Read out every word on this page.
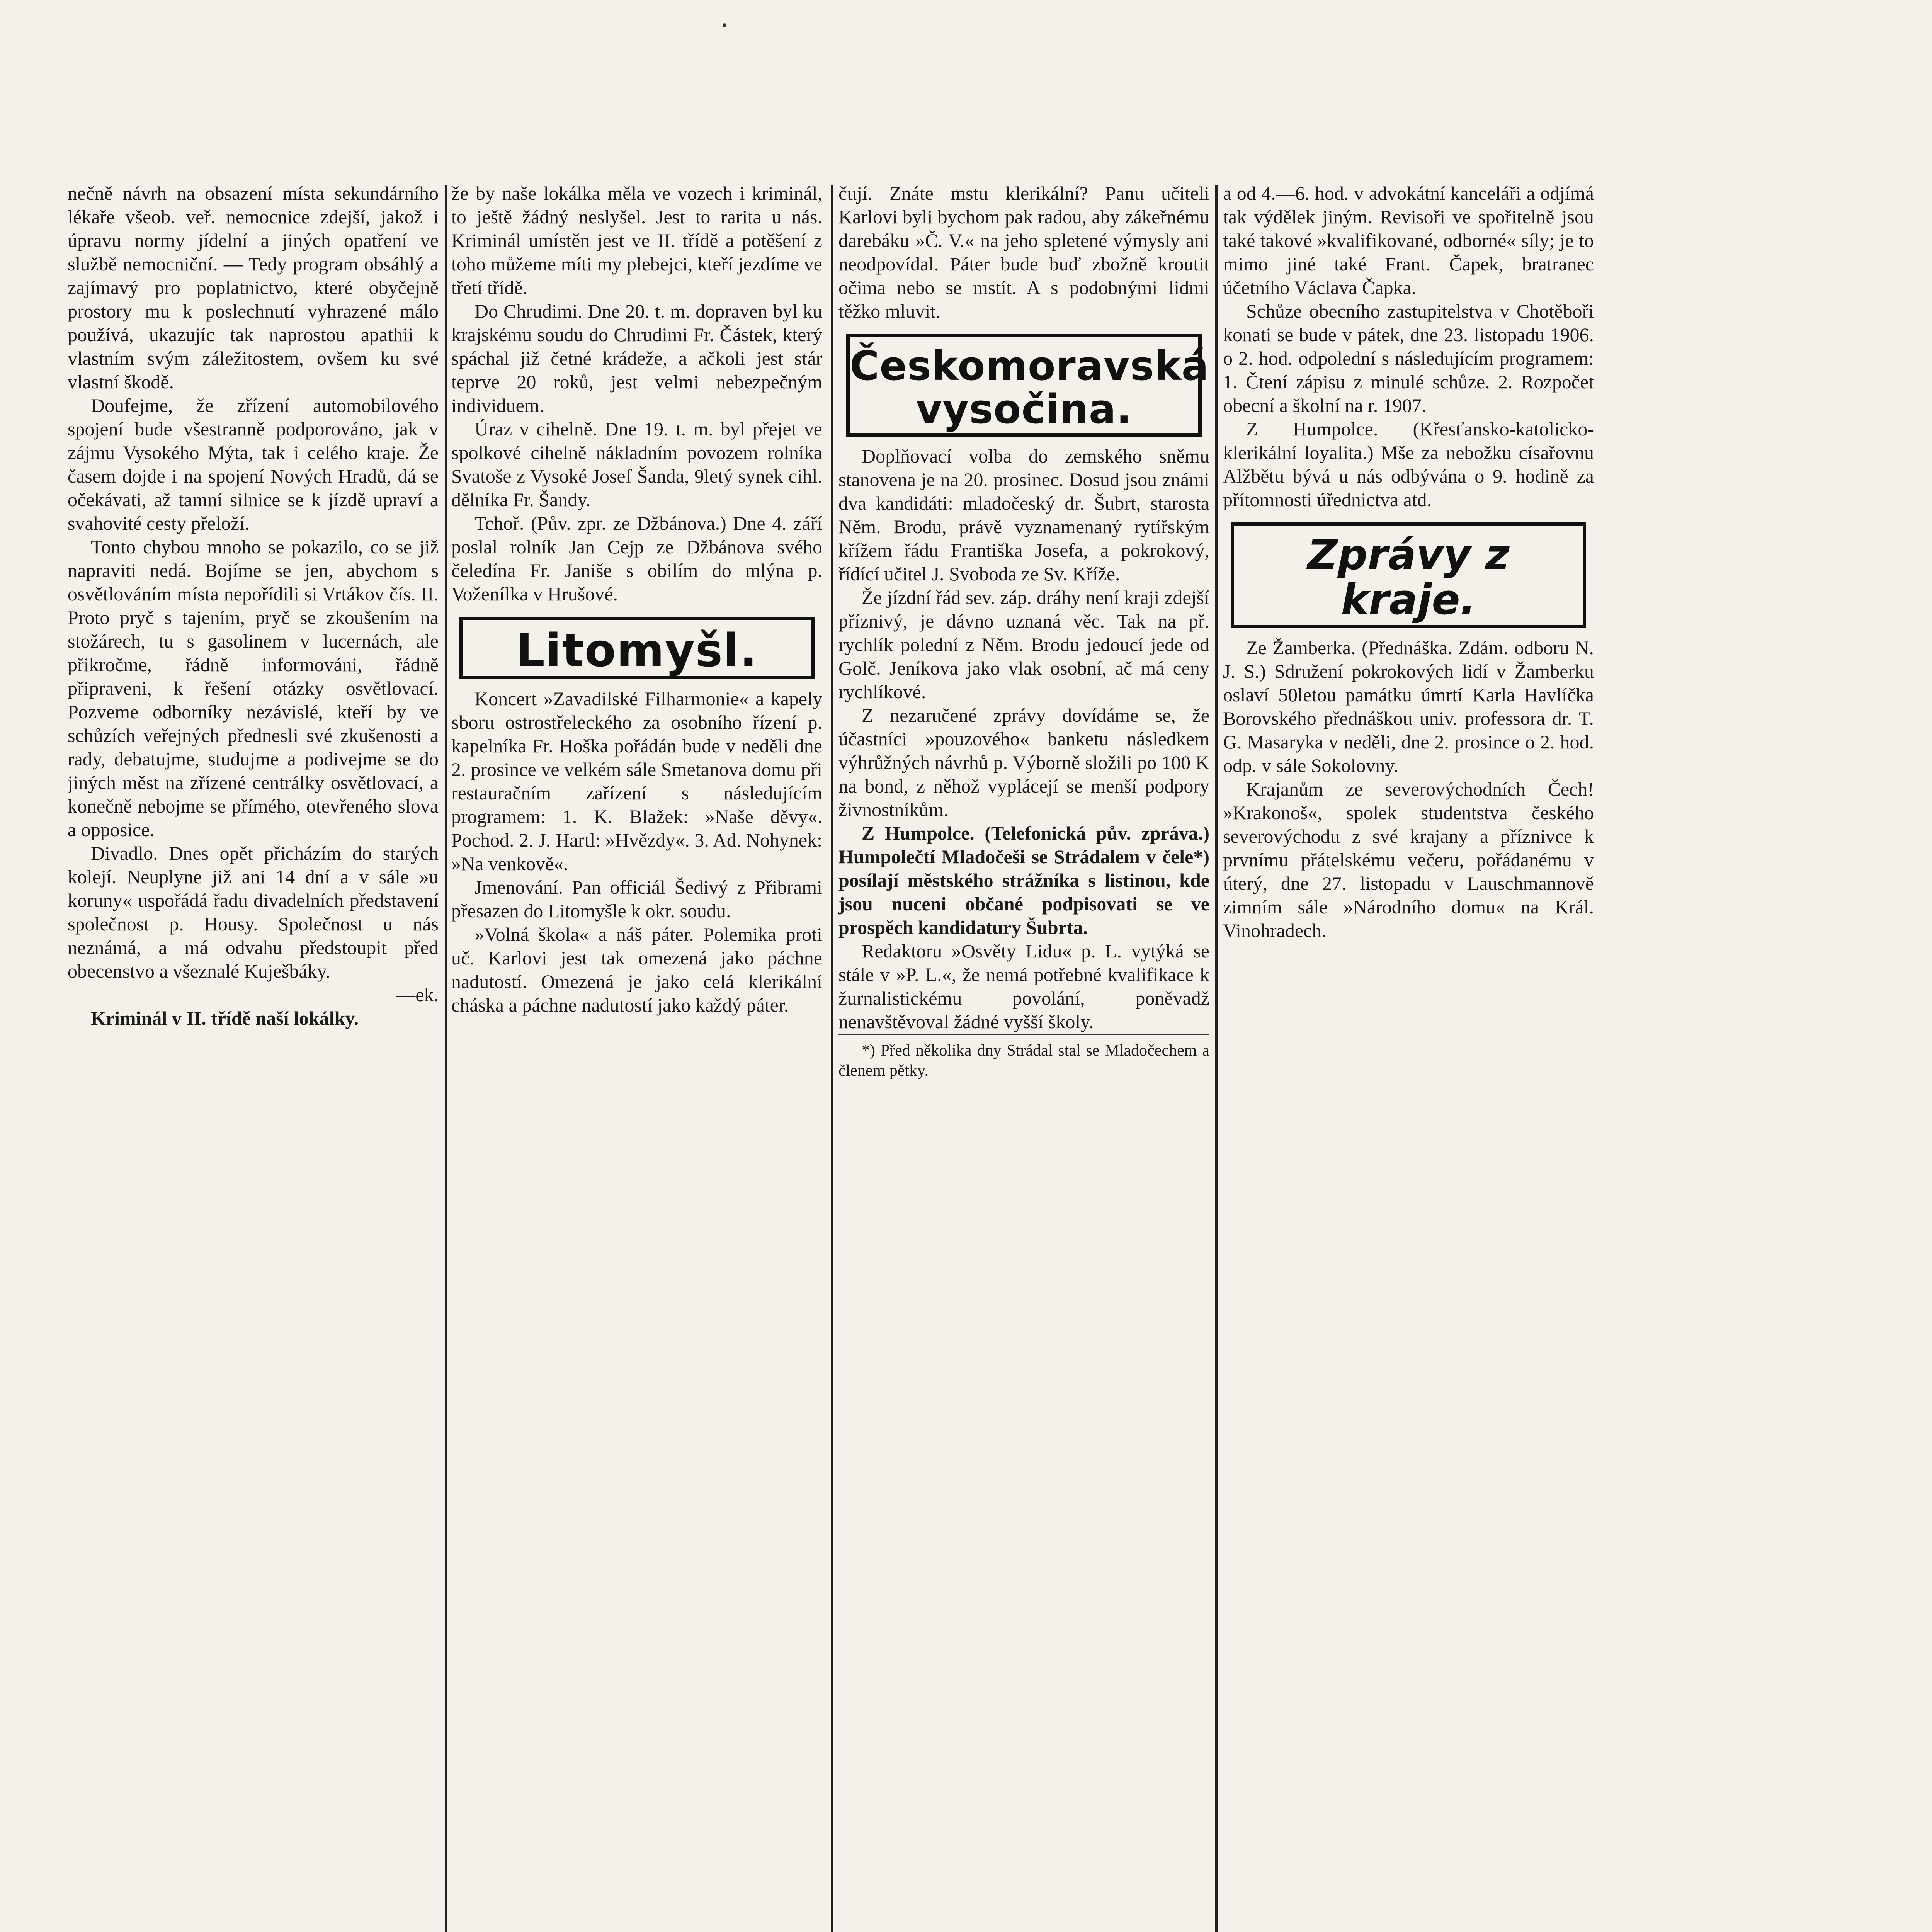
nečně návrh na obsazení místa sekundárního lékaře všeob. veř. nemocnice zdejší, jakož i úpravu normy jídelní a jiných opatření ve službě nemocniční. — Tedy program obsáhlý a zajímavý pro poplatnictvo, které obyčejně prostory mu k poslechnutí vyhrazené málo používá, ukazujíc tak naprostou apathii k vlastním svým záležitostem, ovšem ku své vlastní škodě.

Doufejme, že zřízení automobilového spojení bude všestranně podporováno, jak v zájmu Vysokého Mýta, tak i celého kraje. Že časem dojde i na spojení Nových Hradů, dá se očekávati, až tamní silnice se k jízdě upraví a svahovité cesty přeloží.

Tonto chybou mnoho se pokazilo, co se již napraviti nedá. Bojíme se jen, abychom s osvětlováním místa nepořídili si Vrtákov čís. II. Proto pryč s tajením, pryč se zkoušením na stožárech, tu s gasolinem v lucernách, ale přikročme, řádně informováni, řádně připraveni, k řešení otázky osvětlovací. Pozveme odborníky nezávislé, kteří by ve schůzích veřejných přednesli své zkušenosti a rady, debatujme, studujme a podivejme se do jiných měst na zřízené centrálky osvětlovací, a konečně nebojme se přímého, otevřeného slova a opposice.

Divadlo. Dnes opět přicházím do starých kolejí. Neuplyne již ani 14 dní a v sále »u koruny« uspořádá řadu divadelních představení společnost p. Housy. Společnost u nás neznámá, a má odvahu předstoupit před obecenstvo a všeznalé Kuješbáky.

—ek.

Kriminál v II. třídě naší lokálky.

že by naše lokálka měla ve vozech i kriminál, to ještě žádný neslyšel. Jest to rarita u nás. Kriminál umístěn jest ve II. třídě a potěšení z toho můžeme míti my plebejci, kteří jezdíme ve třetí třídě.

Do Chrudimi. Dne 20. t. m. dopraven byl ku krajskému soudu do Chrudimi Fr. Částek, který spáchal již četné krádeže, a ačkoli jest stár teprve 20 roků, jest velmi nebezpečným individuem.

Úraz v cihelně. Dne 19. t. m. byl přejet ve spolkové cihelně nákladním povozem rolníka Svatoše z Vysoké Josef Šanda, 9letý synek cihl. dělníka Fr. Šandy.

Tchoř. (Pův. zpr. ze Džbánova.) Dne 4. září poslal rolník Jan Cejp ze Džbánova svého čeledína Fr. Janiše s obilím do mlýna p. Voženílka v Hrušové.

Litomyšl.

Koncert »Zavadilské Filharmonie« a kapely sboru ostrostřeleckého za osobního řízení p. kapelníka Fr. Hoška pořádán bude v neděli dne 2. prosince ve velkém sále Smetanova domu při restauračním zařízení s následujícím programem: 1. K. Blažek: »Naše děvy«. Pochod. 2. J. Hartl: »Hvězdy«. 3. Ad. Nohynek: »Na venkově«.

Jmenování. Pan officiál Šedivý z Přibrami přesazen do Litomyšle k okr. soudu.

»Volná škola« a náš páter. Polemika proti uč. Karlovi jest tak omezená jako páchne nadutostí. Omezená je jako celá klerikální cháska a páchne nadutostí jako každý páter.

čují. Znáte mstu klerikální? Panu učiteli Karlovi byli bychom pak radou, aby zákeřnému darebáku »Č. V.« na jeho spletené výmysly ani neodpovídal. Páter bude buď zbožně kroutit očima nebo se mstít. A s podobnými lidmi těžko mluvit.

Českomoravská vysočina.

Doplňovací volba do zemského sněmu stanovena je na 20. prosinec. Dosud jsou známi dva kandidáti: mladočeský dr. Šubrt, starosta Něm. Brodu, právě vyznamenaný rytířským křížem řádu Františka Josefa, a pokrokový, řídící učitel J. Svoboda ze Sv. Kříže.

Že jízdní řád sev. záp. dráhy není kraji zdejší příznivý, je dávno uznaná věc. Tak na př. rychlík polední z Něm. Brodu jedoucí jede od Golč. Jeníkova jako vlak osobní, ač má ceny rychlíkové.

Z nezaručené zprávy dovídáme se, že účastníci »pouzového« banketu následkem výhrůžných návrhů p. Výborně složili po 100 K na bond, z něhož vyplácejí se menší podpory živnostníkům.

Z Humpolce. (Telefonická pův. zpráva.) Humpolečtí Mladočeši se Strádalem v čele*) posílají městského strážníka s listinou, kde jsou nuceni občané podpisovati se ve prospěch kandidatury Šubrta.

Redaktoru »Osvěty Lidu« p. L. vytýká se stále v »P. L.«, že nemá potřebné kvalifikace k žurnalistickému povolání, poněvadž nenavštěvoval žádné vyšší školy.

*) Před několika dny Strádal stal se Mladočechem a členem pětky.

a od 4.—6. hod. v advokátní kanceláři a odjímá tak výdělek jiným. Revisoři ve spořitelně jsou také takové »kvalifikované, odborné« síly; je to mimo jiné také Frant. Čapek, bratranec účetního Václava Čapka.

Schůze obecního zastupitelstva v Chotěboři konati se bude v pátek, dne 23. listopadu 1906. o 2. hod. odpolední s následujícím programem: 1. Čtení zápisu z minulé schůze. 2. Rozpočet obecní a školní na r. 1907.

Z Humpolce. (Křesťansko-katolicko-klerikální loyalita.) Mše za nebožku císařovnu Alžbětu bývá u nás odbývána o 9. hodině za přítomnosti úřednictva atd.

Zprávy z kraje.

Ze Žamberka. (Přednáška. Zdám. odboru N. J. S.) Sdružení pokrokových lidí v Žamberku oslaví 50letou památku úmrtí Karla Havlíčka Borovského přednáškou univ. professora dr. T. G. Masaryka v neděli, dne 2. prosince o 2. hod. odp. v sále Sokolovny.

Krajanům ze severovýchodních Čech! »Krakonoš«, spolek studentstva českého severovýchodu z své krajany a příznivce k prvnímu přátelskému večeru, pořádanému v úterý, dne 27. listopadu v Lauschmannově zimním sále »Národního domu« na Král. Vinohradech.
